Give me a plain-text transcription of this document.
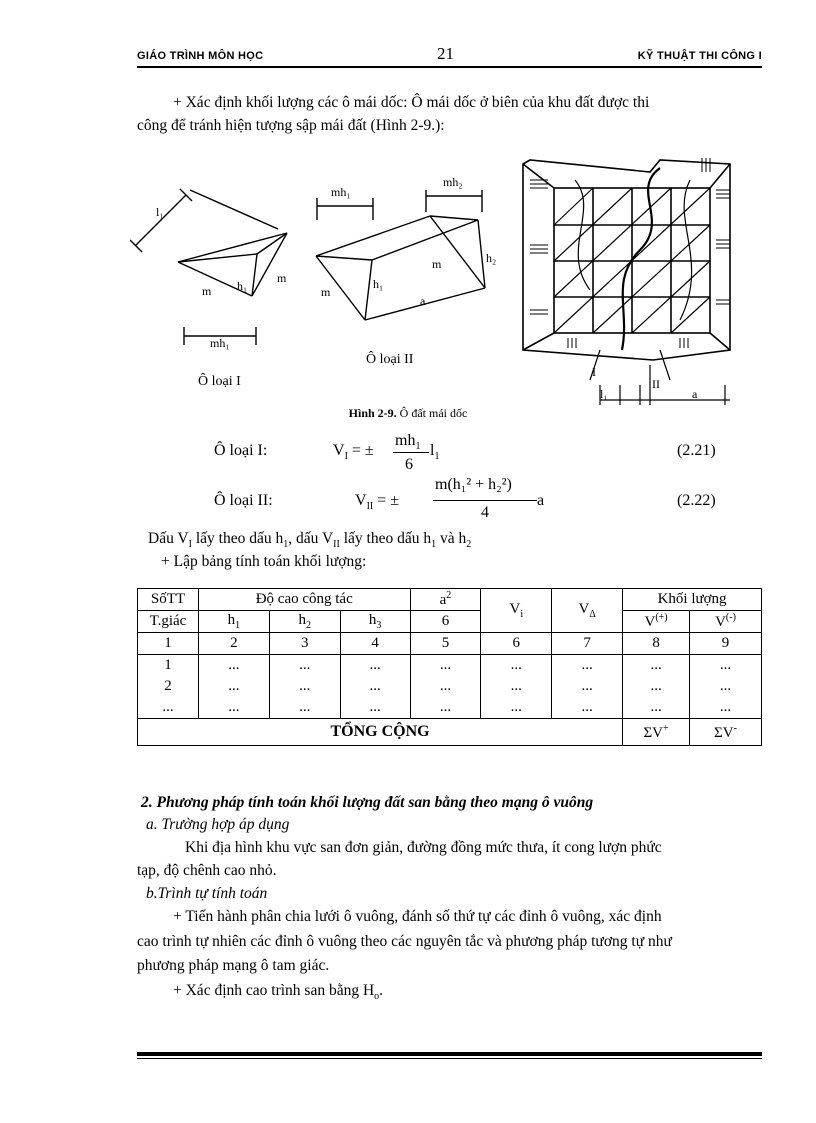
GIÁO TRÌNH MÔN HỌC	21	KỸ THUẬT THI CÔNG I
+ Xác định khối lượng các ô mái dốc: Ô mái dốc ở biên của khu đất được thi
công để tránh hiện tượng sập mái đất (Hình 2-9.):
l₁
m h₁
m
mh₁
Ô loại I
mh₁
mh₂
m	h₂
m
h₁
a
Ô loại II
I
II
l₁	a
Hình 2-9. Ô đất mái dốc
Ô loại I:	$V_I$ = ±
$mh_1$
6
$l_1$	(2.21)
Ô loại II:	$V_{II}$ = ±
m(h₁² + h₂²)
4
a	(2.22)
Dấu $V_I$ lấy theo dấu $h_1$, dấu $V_{II}$ lấy theo dấu $h_1$ và $h_2$
+ Lập bảng tính toán khối lượng:
SốTT	Độ cao công tác			$a^2$	$V_i$	$V_\Delta$	Khối lượng	
T.giác	$h_1$	$h_2$	$h_3$	6			V(+)	V(-)
1	2	3	4	5	6	7	8	9
1	...	...	...	...	...	...	...	...
2	...	...	...	...	...	...	...	...
...	...	...	...	...	...	...	...	...
TỔNG CỘNG							ΣV+	ΣV-
2. Phương pháp tính toán khối lượng đất san bằng theo mạng ô vuông
a. Trường hợp áp dụng
Khi địa hình khu vực san đơn giản, đường đồng mức thưa, ít cong lượn phức
tạp, độ chênh cao nhỏ.
b.Trình tự tính toán
+ Tiến hành phân chia lưới ô vuông, đánh số thứ tự các đỉnh ô vuông, xác định
cao trình tự nhiên các đỉnh ô vuông theo các nguyên tắc và phương pháp tương tự như
phương pháp mạng ô tam giác.
+ Xác định cao trình san bằng $H_o$.
